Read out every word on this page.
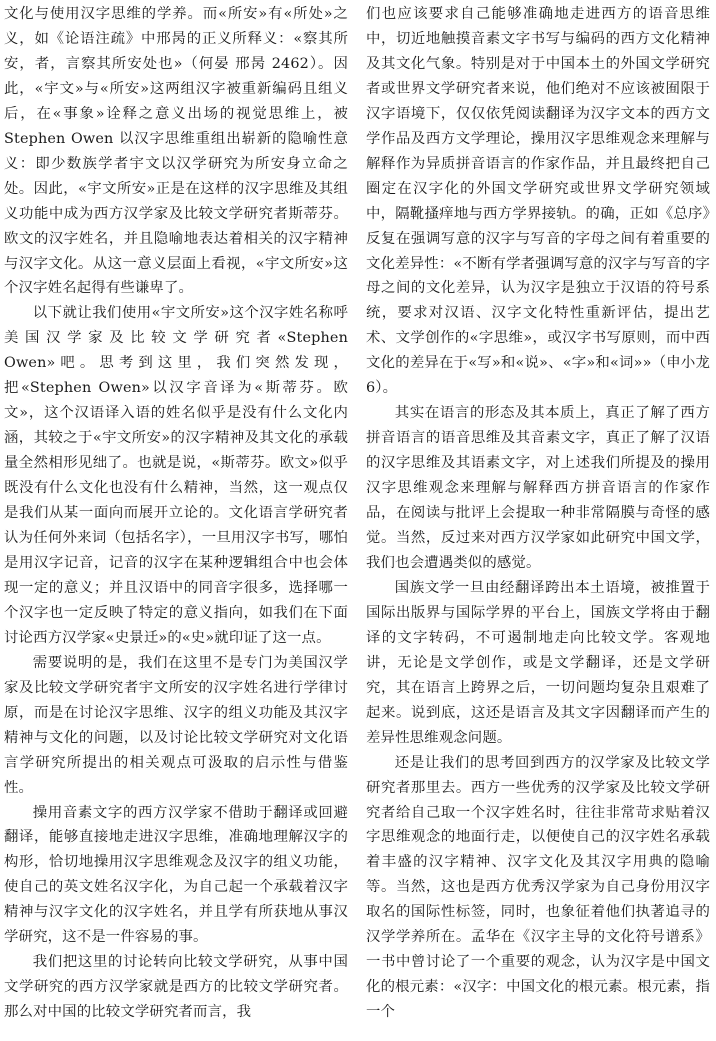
文化与使用汉字思维的学养。而«所安»有«所处»之义，如《论语注疏》中邢昺的正义所释义：«察其所安，者，言察其所安处也»（何晏 邢昺 2462）。因此，«宇文»与«所安»这两组汉字被重新编码且组义后，在«事象»诠释之意义出场的视觉思维上，被 Stephen Owen 以汉字思维重组出崭新的隐喻性意义：即少数族学者宇文以汉学研究为所安身立命之处。因此，«宇文所安»正是在这样的汉字思维及其组义功能中成为西方汉学家及比较文学研究者斯蒂芬。欧文的汉字姓名，并且隐喻地表达着相关的汉字精神与汉字文化。从这一意义层面上看视，«宇文所安»这个汉字姓名起得有些谦卑了。

以下就让我们使用«宇文所安»这个汉字姓名称呼美国汉学家及比较文学研究者«Stephen Owen»吧。思考到这里，我们突然发现，把«Stephen Owen»以汉字音译为«斯蒂芬。欧文»，这个汉语译入语的姓名似乎是没有什么文化内涵，其较之于«宇文所安»的汉字精神及其文化的承载量全然相形见绌了。也就是说，«斯蒂芬。欧文»似乎既没有什么文化也没有什么精神，当然，这一观点仅是我们从某一面向而展开立论的。文化语言学研究者认为任何外来词（包括名字），一旦用汉字书写，哪怕是用汉字记音，记音的汉字在某种逻辑组合中也会体现一定的意义；并且汉语中的同音字很多，选择哪一个汉字也一定反映了特定的意义指向，如我们在下面讨论西方汉学家«史景迁»的«史»就印证了这一点。

需要说明的是，我们在这里不是专门为美国汉学家及比较文学研究者宇文所安的汉字姓名进行学律讨原，而是在讨论汉字思维、汉字的组义功能及其汉字精神与文化的问题，以及讨论比较文学研究对文化语言学研究所提出的相关观点可汲取的启示性与借鉴性。

操用音素文字的西方汉学家不借助于翻译或回避翻译，能够直接地走进汉字思维，准确地理解汉字的构形，恰切地操用汉字思维观念及汉字的组义功能，使自己的英文姓名汉字化，为自己起一个承载着汉字精神与汉字文化的汉字姓名，并且学有所获地从事汉学研究，这不是一件容易的事。

我们把这里的讨论转向比较文学研究，从事中国文学研究的西方汉学家就是西方的比较文学研究者。那么对中国的比较文学研究者而言，我

们也应该要求自己能够准确地走进西方的语音思维中，切近地触摸音素文字书写与编码的西方文化精神及其文化气象。特别是对于中国本土的外国文学研究者或世界文学研究者来说，他们绝对不应该被囿限于汉字语境下，仅仅依凭阅读翻译为汉字文本的西方文学作品及西方文学理论，操用汉字思维观念来理解与解释作为异质拼音语言的作家作品，并且最终把自己圈定在汉字化的外国文学研究或世界文学研究领域中，隔靴搔痒地与西方学界接轨。的确，正如《总序》反复在强调写意的汉字与写音的字母之间有着重要的文化差异性：«不断有学者强调写意的汉字与写音的字母之间的文化差异，认为汉字是独立于汉语的符号系统，要求对汉语、汉字文化特性重新评估，提出艺术、文学创作的«字思维»，或汉字书写原则，而中西文化的差异在于«写»和«说»、«字»和«词»»（申小龙 6）。

其实在语言的形态及其本质上，真正了解了西方拼音语言的语音思维及其音素文字，真正了解了汉语的汉字思维及其语素文字，对上述我们所提及的操用汉字思维观念来理解与解释西方拼音语言的作家作品，在阅读与批评上会提取一种非常隔膜与奇怪的感觉。当然，反过来对西方汉学家如此研究中国文学，我们也会遭遇类似的感觉。

国族文学一旦由经翻译跨出本土语境，被推置于国际出版界与国际学界的平台上，国族文学将由于翻译的文字转码，不可遏制地走向比较文学。客观地讲，无论是文学创作，或是文学翻译，还是文学研究，其在语言上跨界之后，一切问题均复杂且艰难了起来。说到底，这还是语言及其文字因翻译而产生的差异性思维观念问题。

还是让我们的思考回到西方的汉学家及比较文学研究者那里去。西方一些优秀的汉学家及比较文学研究者给自己取一个汉字姓名时，往往非常苛求贴着汉字思维观念的地面行走，以便使自己的汉字姓名承载着丰盛的汉字精神、汉字文化及其汉字用典的隐喻等。当然，这也是西方优秀汉学家为自己身份用汉字取名的国际性标签，同时，也象征着他们执著追寻的汉学学养所在。孟华在《汉字主导的文化符号谱系》一书中曾讨论了一个重要的观念，认为汉字是中国文化的根元素：«汉字：中国文化的根元素。根元素，指一个
